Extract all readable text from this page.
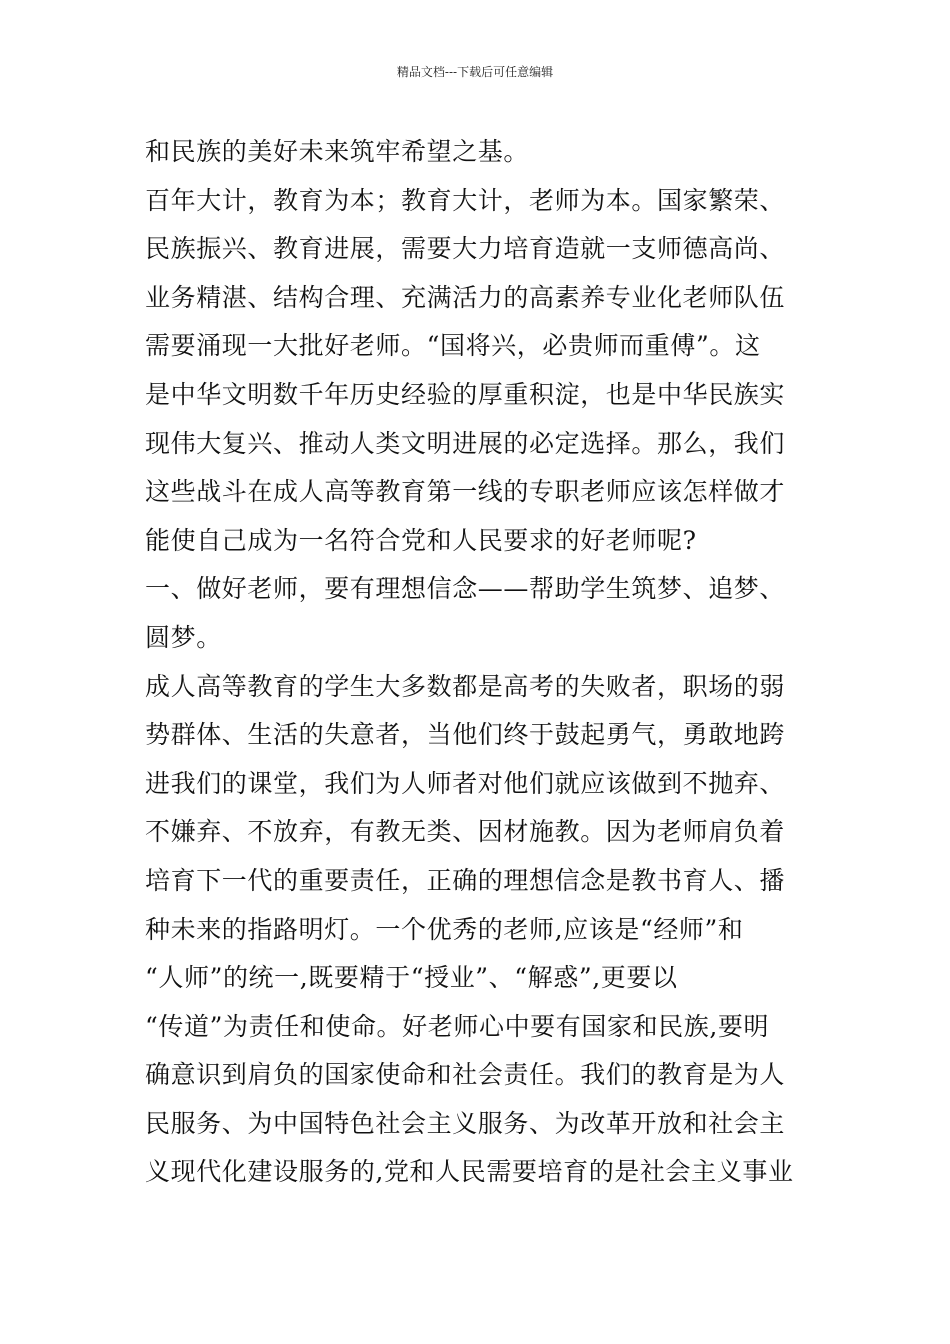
精品文档---下载后可任意编辑
和民族的美好未来筑牢希望之基。
百年大计，教育为本；教育大计，老师为本。国家繁荣、
民族振兴、教育进展，需要大力培育造就一支师德高尚、
业务精湛、结构合理、充满活力的高素养专业化老师队伍
需要涌现一大批好老师。“国将兴，必贵师而重傅”。这
是中华文明数千年历史经验的厚重积淀，也是中华民族实
现伟大复兴、推动人类文明进展的必定选择。那么，我们
这些战斗在成人高等教育第一线的专职老师应该怎样做才
能使自己成为一名符合党和人民要求的好老师呢?
一、做好老师，要有理想信念——帮助学生筑梦、追梦、
圆梦。
成人高等教育的学生大多数都是高考的失败者，职场的弱
势群体、生活的失意者，当他们终于鼓起勇气，勇敢地跨
进我们的课堂，我们为人师者对他们就应该做到不抛弃、
不嫌弃、不放弃，有教无类、因材施教。因为老师肩负着
培育下一代的重要责任，正确的理想信念是教书育人、播
种未来的指路明灯。一个优秀的老师,应该是“经师”和
“人师”的统一,既要精于“授业”、“解惑”,更要以
“传道”为责任和使命。好老师心中要有国家和民族,要明
确意识到肩负的国家使命和社会责任。我们的教育是为人
民服务、为中国特色社会主义服务、为改革开放和社会主
义现代化建设服务的,党和人民需要培育的是社会主义事业
